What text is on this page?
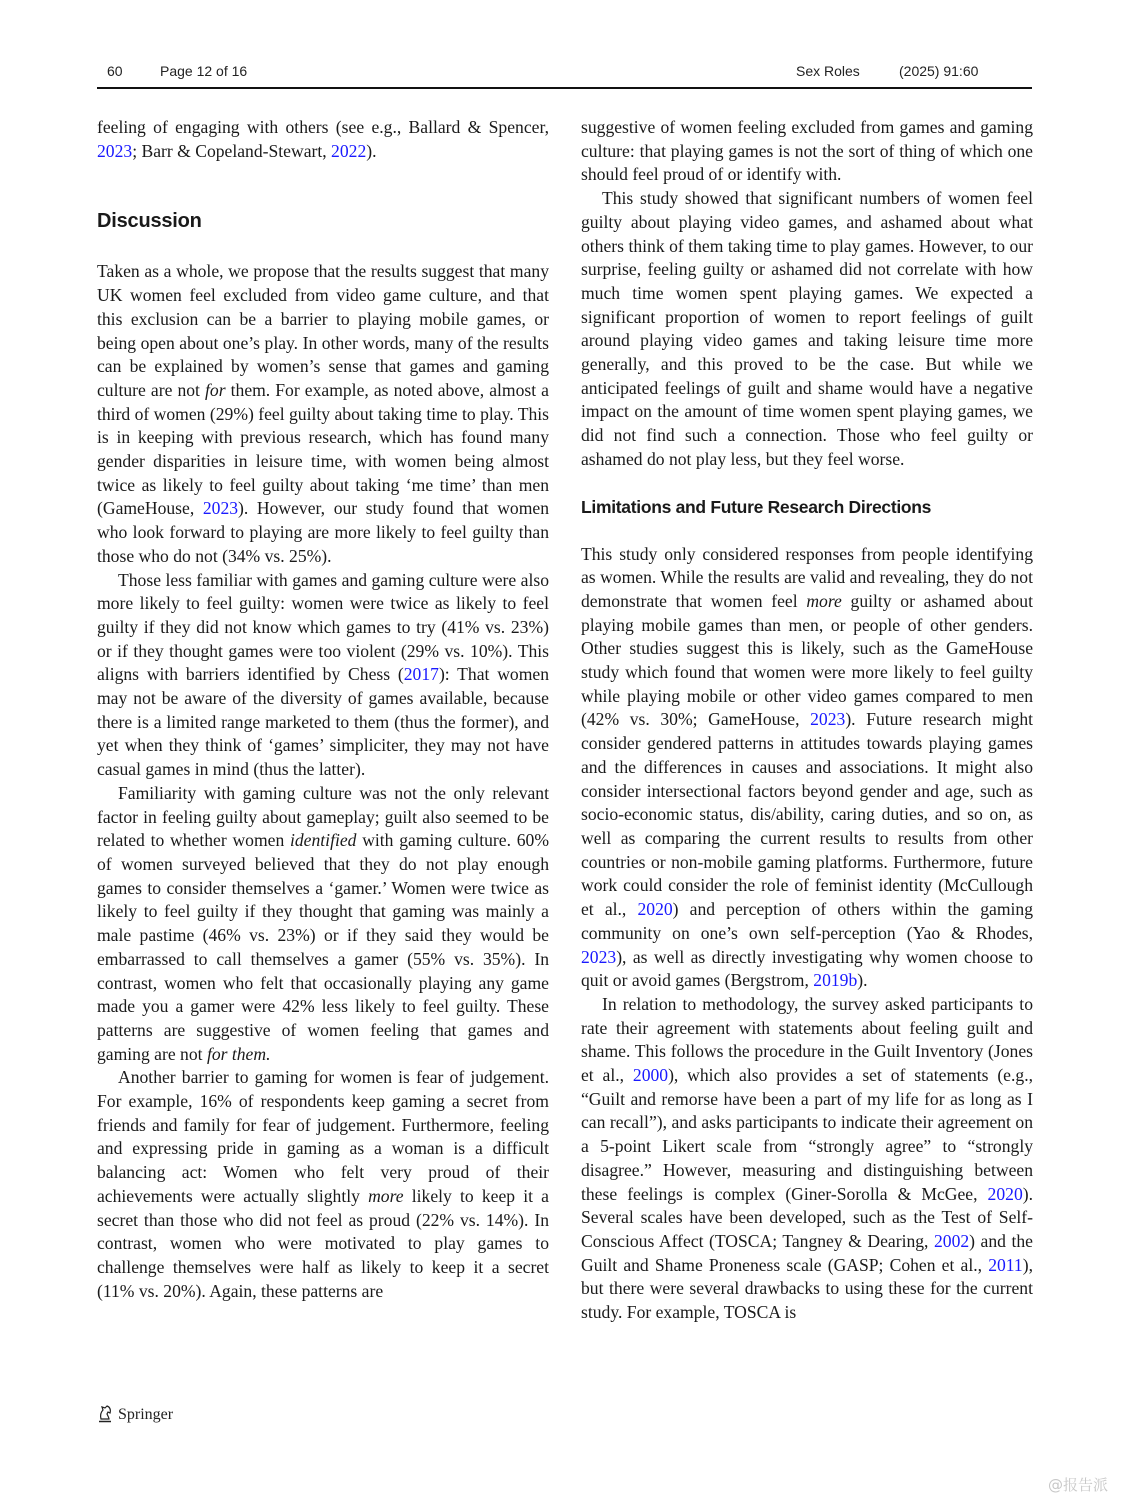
60	Page 12 of 16	Sex Roles	(2025) 91:60

feeling of engaging with others (see e.g., Ballard & Spencer, 2023; Barr & Copeland-Stewart, 2022).

Discussion

Taken as a whole, we propose that the results suggest that many UK women feel excluded from video game culture, and that this exclusion can be a barrier to playing mobile games, or being open about one’s play. In other words, many of the results can be explained by women’s sense that games and gaming culture are not for them. For example, as noted above, almost a third of women (29%) feel guilty about taking time to play. This is in keeping with previous research, which has found many gender disparities in leisure time, with women being almost twice as likely to feel guilty about taking ‘me time’ than men (GameHouse, 2023). However, our study found that women who look forward to playing are more likely to feel guilty than those who do not (34% vs. 25%).

Those less familiar with games and gaming culture were also more likely to feel guilty: women were twice as likely to feel guilty if they did not know which games to try (41% vs. 23%) or if they thought games were too violent (29% vs. 10%). This aligns with barriers identified by Chess (2017): That women may not be aware of the diversity of games available, because there is a limited range marketed to them (thus the former), and yet when they think of ‘games’ simpliciter, they may not have casual games in mind (thus the latter).

Familiarity with gaming culture was not the only relevant factor in feeling guilty about gameplay; guilt also seemed to be related to whether women identified with gaming culture. 60% of women surveyed believed that they do not play enough games to consider themselves a ‘gamer.’ Women were twice as likely to feel guilty if they thought that gaming was mainly a male pastime (46% vs. 23%) or if they said they would be embarrassed to call themselves a gamer (55% vs. 35%). In contrast, women who felt that occasionally playing any game made you a gamer were 42% less likely to feel guilty. These patterns are suggestive of women feeling that games and gaming are not for them.

Another barrier to gaming for women is fear of judgement. For example, 16% of respondents keep gaming a secret from friends and family for fear of judgement. Furthermore, feeling and expressing pride in gaming as a woman is a difficult balancing act: Women who felt very proud of their achievements were actually slightly more likely to keep it a secret than those who did not feel as proud (22% vs. 14%). In contrast, women who were motivated to play games to challenge themselves were half as likely to keep it a secret (11% vs. 20%). Again, these patterns are

suggestive of women feeling excluded from games and gaming culture: that playing games is not the sort of thing of which one should feel proud of or identify with.

This study showed that significant numbers of women feel guilty about playing video games, and ashamed about what others think of them taking time to play games. However, to our surprise, feeling guilty or ashamed did not correlate with how much time women spent playing games. We expected a significant proportion of women to report feelings of guilt around playing video games and taking leisure time more generally, and this proved to be the case. But while we anticipated feelings of guilt and shame would have a negative impact on the amount of time women spent playing games, we did not find such a connection. Those who feel guilty or ashamed do not play less, but they feel worse.

Limitations and Future Research Directions

This study only considered responses from people identifying as women. While the results are valid and revealing, they do not demonstrate that women feel more guilty or ashamed about playing mobile games than men, or people of other genders. Other studies suggest this is likely, such as the GameHouse study which found that women were more likely to feel guilty while playing mobile or other video games compared to men (42% vs. 30%; GameHouse, 2023). Future research might consider gendered patterns in attitudes towards playing games and the differences in causes and associations. It might also consider intersectional factors beyond gender and age, such as socio-economic status, dis/ability, caring duties, and so on, as well as comparing the current results to results from other countries or non-mobile gaming platforms. Furthermore, future work could consider the role of feminist identity (McCullough et al., 2020) and perception of others within the gaming community on one’s own self-perception (Yao & Rhodes, 2023), as well as directly investigating why women choose to quit or avoid games (Bergstrom, 2019b).

In relation to methodology, the survey asked participants to rate their agreement with statements about feeling guilt and shame. This follows the procedure in the Guilt Inventory (Jones et al., 2000), which also provides a set of statements (e.g., “Guilt and remorse have been a part of my life for as long as I can recall”), and asks participants to indicate their agreement on a 5-point Likert scale from “strongly agree” to “strongly disagree.” However, measuring and distinguishing between these feelings is complex (Giner-Sorolla & McGee, 2020). Several scales have been developed, such as the Test of Self-Conscious Affect (TOSCA; Tangney & Dearing, 2002) and the Guilt and Shame Proneness scale (GASP; Cohen et al., 2011), but there were several drawbacks to using these for the current study. For example, TOSCA is

Springer
@报告派
